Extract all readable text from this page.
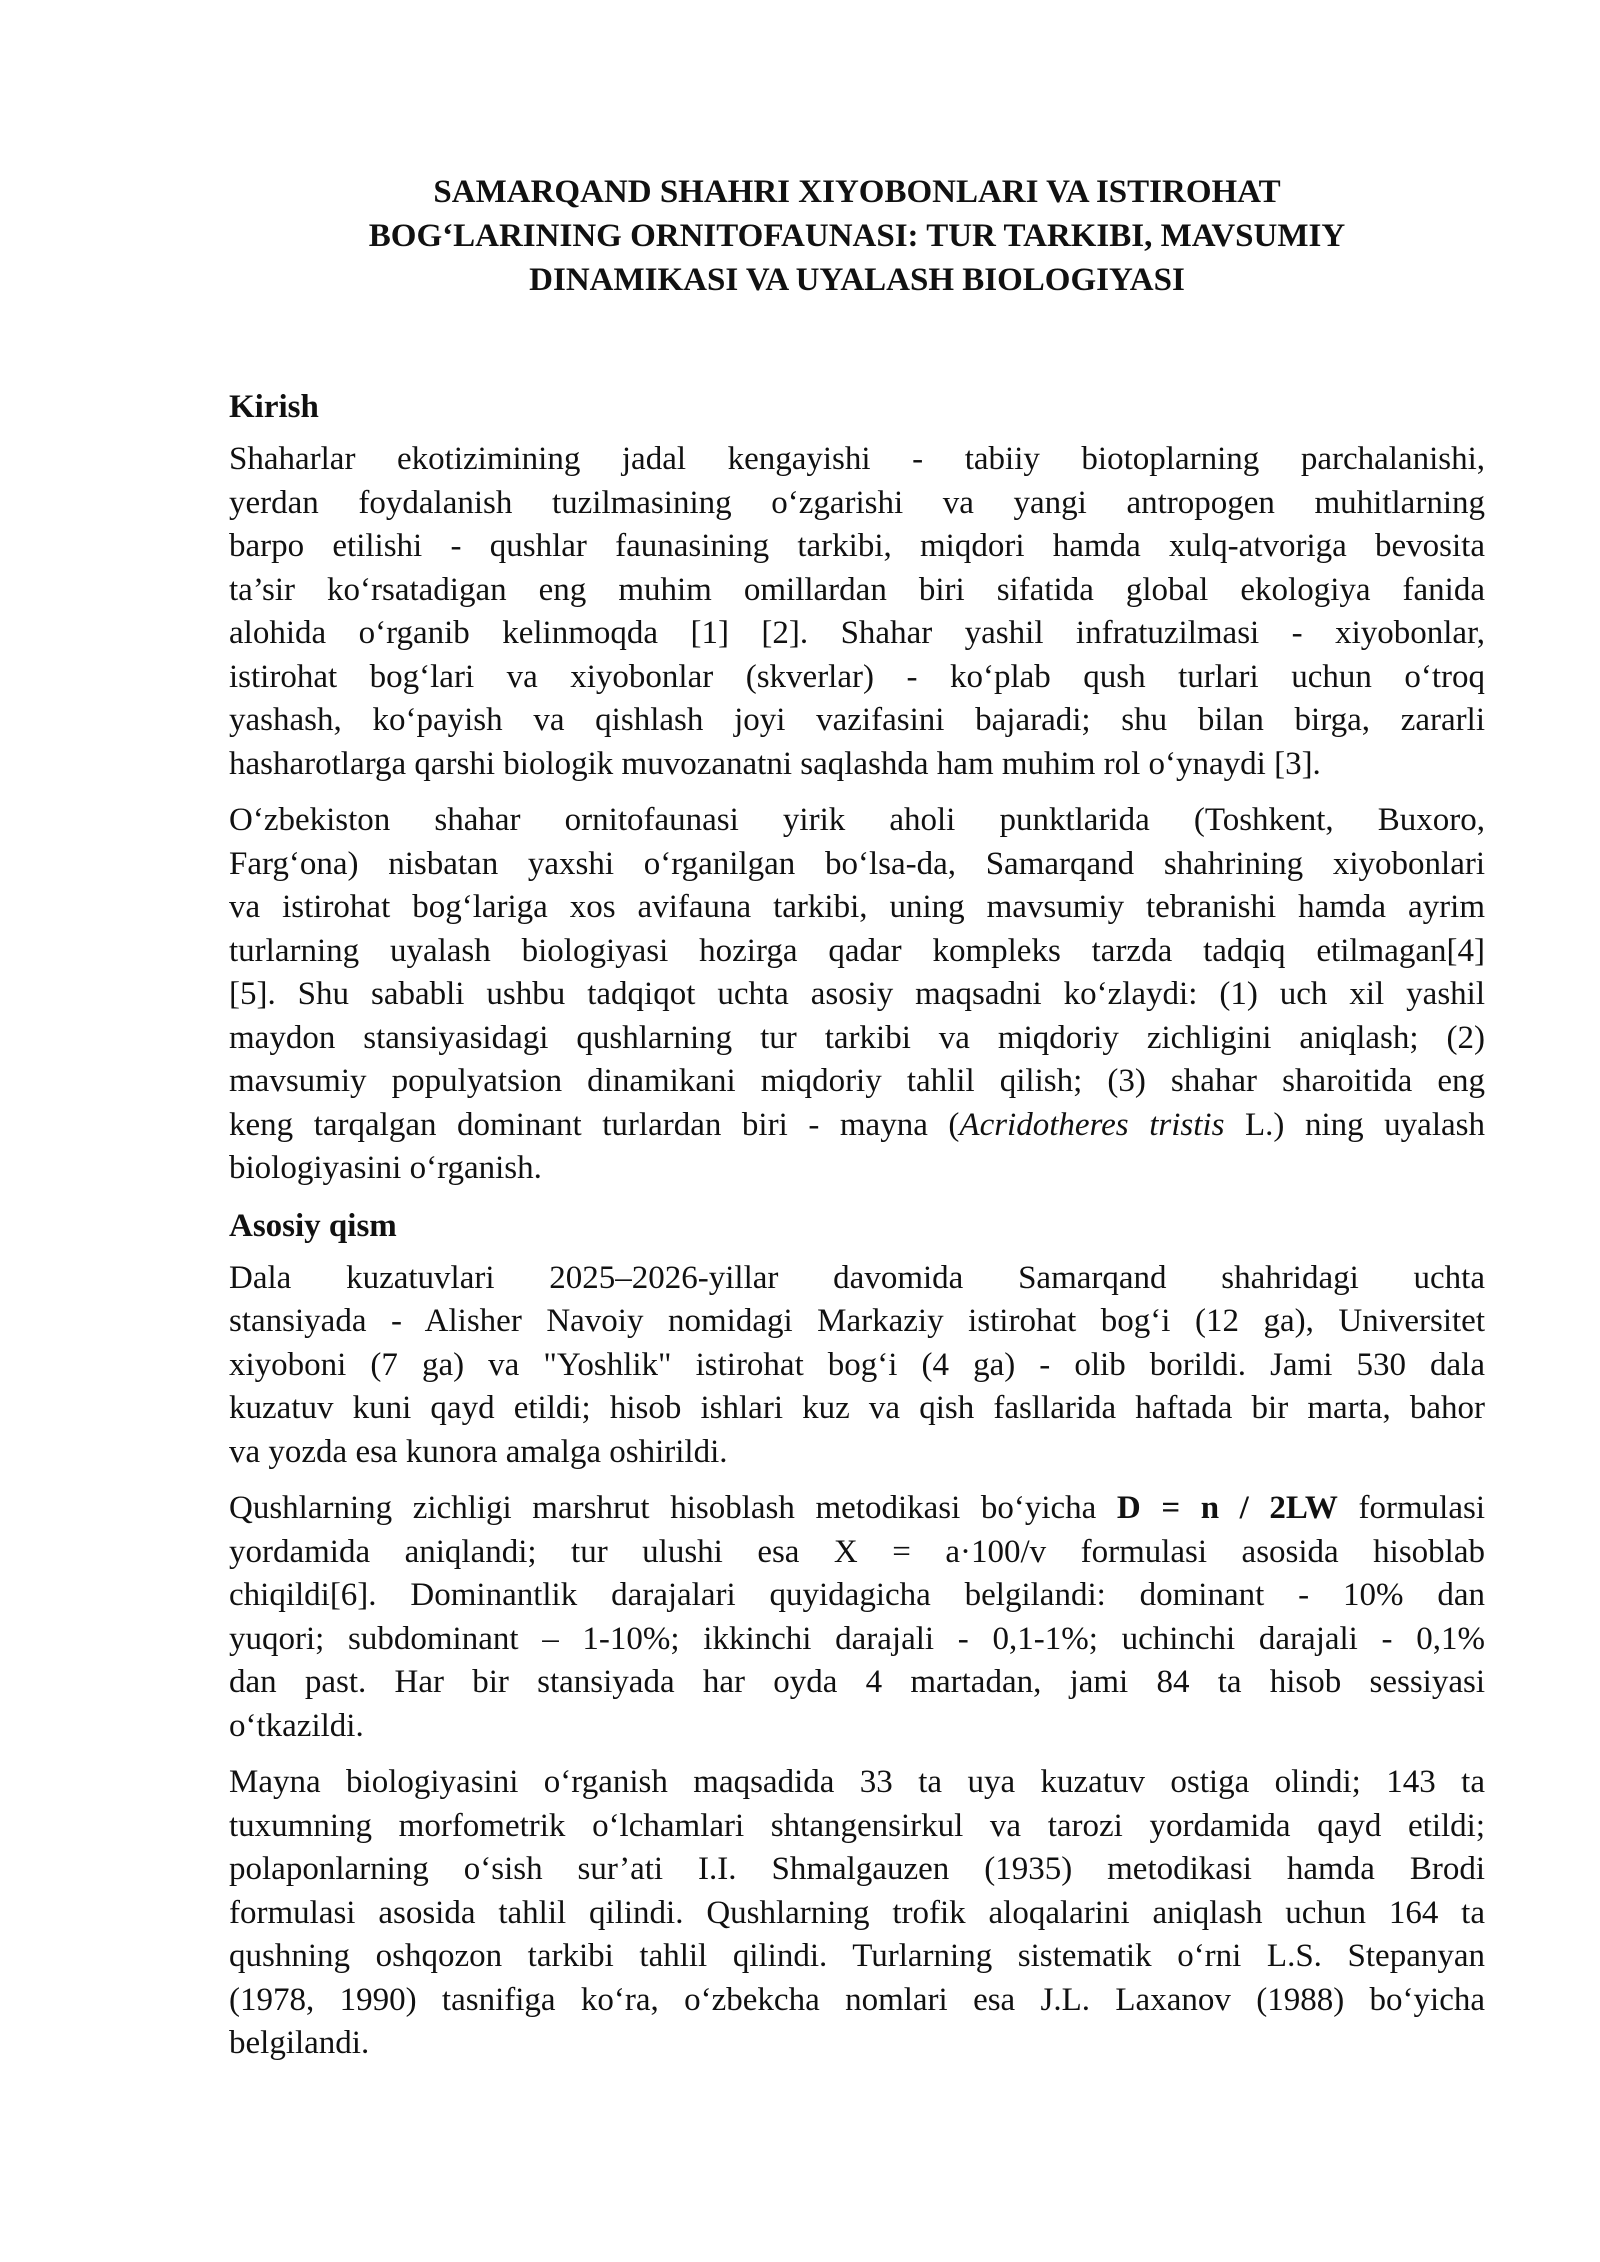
SAMARQAND SHAHRI XIYOBONLARI VA ISTIROHAT
BOG‘LARINING ORNITOFAUNASI: TUR TARKIBI, MAVSUMIY
DINAMIKASI VA UYALASH BIOLOGIYASI
Kirish

Shaharlar ekotizimining jadal kengayishi - tabiiy biotoplarning parchalanishi,
yerdan foydalanish tuzilmasining o‘zgarishi va yangi antropogen muhitlarning
barpo etilishi - qushlar faunasining tarkibi, miqdori hamda xulq-atvoriga bevosita
ta’sir ko‘rsatadigan eng muhim omillardan biri sifatida global ekologiya fanida
alohida o‘rganib kelinmoqda [1] [2]. Shahar yashil infratuzilmasi - xiyobonlar,
istirohat bog‘lari va xiyobonlar (skverlar) - ko‘plab qush turlari uchun o‘troq
yashash, ko‘payish va qishlash joyi vazifasini bajaradi; shu bilan birga, zararli
hasharotlarga qarshi biologik muvozanatni saqlashda ham muhim rol o‘ynaydi [3].

O‘zbekiston shahar ornitofaunasi yirik aholi punktlarida (Toshkent, Buxoro,
Farg‘ona) nisbatan yaxshi o‘rganilgan bo‘lsa-da, Samarqand shahrining xiyobonlari
va istirohat bog‘lariga xos avifauna tarkibi, uning mavsumiy tebranishi hamda ayrim
turlarning uyalash biologiyasi hozirga qadar kompleks tarzda tadqiq etilmagan[4]
[5]. Shu sababli ushbu tadqiqot uchta asosiy maqsadni ko‘zlaydi: (1) uch xil yashil
maydon stansiyasidagi qushlarning tur tarkibi va miqdoriy zichligini aniqlash; (2)
mavsumiy populyatsion dinamikani miqdoriy tahlil qilish; (3) shahar sharoitida eng
keng tarqalgan dominant turlardan biri - mayna (Acridotheres tristis L.) ning uyalash
biologiyasini o‘rganish.

Asosiy qism

Dala kuzatuvlari 2025–2026-yillar davomida Samarqand shahridagi uchta
stansiyada - Alisher Navoiy nomidagi Markaziy istirohat bog‘i (12 ga), Universitet
xiyoboni (7 ga) va "Yoshlik" istirohat bog‘i (4 ga) - olib borildi. Jami 530 dala
kuzatuv kuni qayd etildi; hisob ishlari kuz va qish fasllarida haftada bir marta, bahor
va yozda esa kunora amalga oshirildi.

Qushlarning zichligi marshrut hisoblash metodikasi bo‘yicha D = n / 2LW formulasi
yordamida aniqlandi; tur ulushi esa X = a·100/v formulasi asosida hisoblab
chiqildi[6]. Dominantlik darajalari quyidagicha belgilandi: dominant - 10% dan
yuqori; subdominant – 1-10%; ikkinchi darajali - 0,1-1%; uchinchi darajali - 0,1%
dan past. Har bir stansiyada har oyda 4 martadan, jami 84 ta hisob sessiyasi
o‘tkazildi.

Mayna biologiyasini o‘rganish maqsadida 33 ta uya kuzatuv ostiga olindi; 143 ta
tuxumning morfometrik o‘lchamlari shtangensirkul va tarozi yordamida qayd etildi;
polaponlarning o‘sish sur’ati I.I. Shmalgauzen (1935) metodikasi hamda Brodi
formulasi asosida tahlil qilindi. Qushlarning trofik aloqalarini aniqlash uchun 164 ta
qushning oshqozon tarkibi tahlil qilindi. Turlarning sistematik o‘rni L.S. Stepanyan
(1978, 1990) tasnifiga ko‘ra, o‘zbekcha nomlari esa J.L. Laxanov (1988) bo‘yicha
belgilandi.
